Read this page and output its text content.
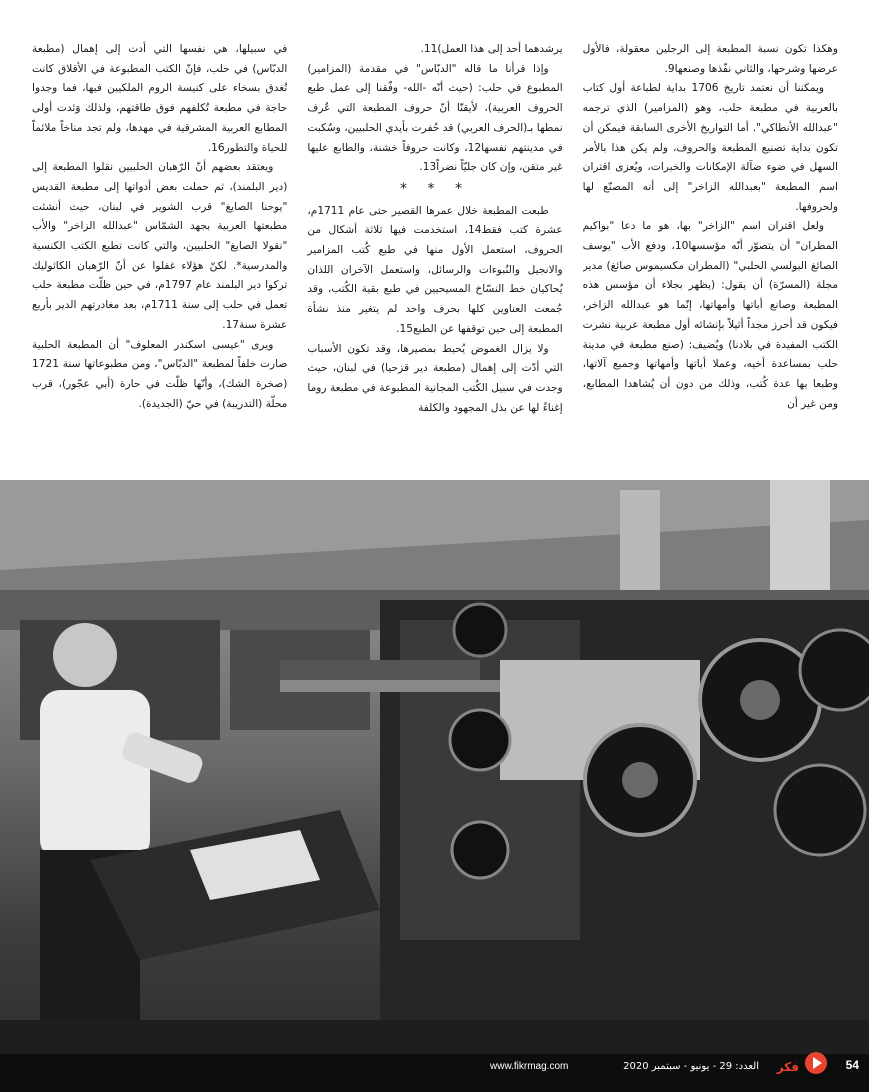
وهكذا تكون نسبة المطبعة إلى الرجلين معقولة، فالأول عرضها وشرحها، والثاني نفّذها وصنعها9.

ويمكننا أن نعتمد تاريخ 1706 بداية لطباعة أول كتاب بالعربية في مطبعة حلب، وهو (المزامير) الذي ترجمه "عبدالله الأنطاكي". أما التواريخ الأخرى السابقة فيمكن أن تكون بداية تصنيع المطبعة والحروف، ولم يكن هذا بالأمر السهل في ضوء ضآلة الإمكانات والخبرات، ويُعزى اقتران اسم المطبعة "بعبدالله الزاخر" إلى أنه المصنّع لها ولحروفها.

ولعل اقتران اسم "الزاخر" بها، هو ما دعا "بواكيم المطران" أن يتصوّر أنّه مؤسسها10، ودفع الأب "يوسف الصائغ البولسي الحلبي" (المطران مكسيموس صائغ) مدير مجلة (المسرّة) أن يقول: (يظهر بجلاء أن مؤسس هذه المطبعة وصانع أباتها وأمهاتها، إنّما هو عبدالله الزاخر، فيكون قد أحرز مجداً أثيلاً بإنشائه أول مطبعة عربية نشرت الكتب المفيدة في بلادنا) ويُضيف: (صنع مطبعة في مدينة حلب بمساعدة أخيه، وعملا أباتها وأمهاتها وجميع آلاتها، وطبعا بها عدة كُتب، وذلك من دون أن يُشاهدا المطابع، ومن غير أن

يرشدهما أحد إلى هذا العمل)11.

وإذا قرأنا ما قاله "الدبّاس" في مقدمة (المزامير) المطبوع في حلب: (حيث أنّه -الله- وفّقنا إلى عمل طبع الحروف العربية)، لأيقنّا أنّ حروف المطبعة التي عُرف نمطها بـ(الحرف العربي) قد حُفرت بأيدي الحلبيين، وسُكبت في مدينتهم نفسها12، وكانت حروفاً خشنة، والطابع عليها غير متقن، وإن كان جليّاً نضراً13.

* * *

طبعت المطبعة خلال عمرها القصير حتى عام 1711م، عشرة كتب فقط14، استخدمت فيها ثلاثة أشكال من الحروف، استعمل الأول منها في طبع كُتب المزامير والانجيل والنُبوءات والرسائل، واستعمل الآخران اللذان يُحاكيان خط النسّاخ المسيحيين في طبع بقية الكُتب، وقد جُمعت العناوين كلها بحرف واحد لم يتغير منذ نشأة المطبعة إلى حين توقفها عن الطبع15.

ولا يزال الغموض يُحيط بمصيرها، وقد تكون الأسباب التي أدّت إلى إهمال (مطبعة دير قزحيا) في لبنان، حيث وجدت في سبيل الكُتب المجانية المطبوعة في مطبعة روما إغناءً لها عن بذل المجهود والكلفة

في سبيلها، هي نفسها التي أدت إلى إهمال (مطبعة الدبّاس) في حلب، فإنّ الكتب المطبوعة في الأقلاق كانت تُغدق بسخاء على كنيسة الروم الملكيين فيها، فما وجدوا حاجة في مطبعة تُكلفهم فوق طاقتهم، ولذلك وَئدت أولى المطابع العربية المشرقية في مهدها، ولم تجد مناخاً ملائماً للحياة والتطور16.

ويعتقد بعضهم أنّ الرّهبان الحلبيين نقلوا المطبعة إلى (دير البلمند)، ثم حملت بعض أدواتها إلى مطبعة القديس "يوحنا الصايغ" قرب الشوير في لبنان، حيث أنشئت مطبعتها العربية بجهد الشمّاس "عبدالله الزاخر" والأب "نقولا الصايغ" الحلبيين، والتي كانت تطبع الكتب الكنسية والمدرسية*. لكنّ هؤلاء غفلوا عن أنّ الرّهبان الكاثوليك تركوا دير البلمند عام 1797م، في حين ظلّت مطبعة حلب تعمل في حلب إلى سنة 1711م، بعد مغادرتهم الدير بأربع عشرة سنة17.

ويرى "عيسى اسكندر المعلوف" أن المطبعة الحلبية صارت خلفاً لمطبعة "الدبّاس"، ومن مطبوعاتها سنة 1721 (صخرة الشك)، وأنّها ظلّت في حارة (أبي عجّور)، قرب محلّة (التدريبة) في حيّ (الجديدة).

www.fikrmag.com	العدد: 29 - يونيو - سبتمبر 2020 فكر	54
